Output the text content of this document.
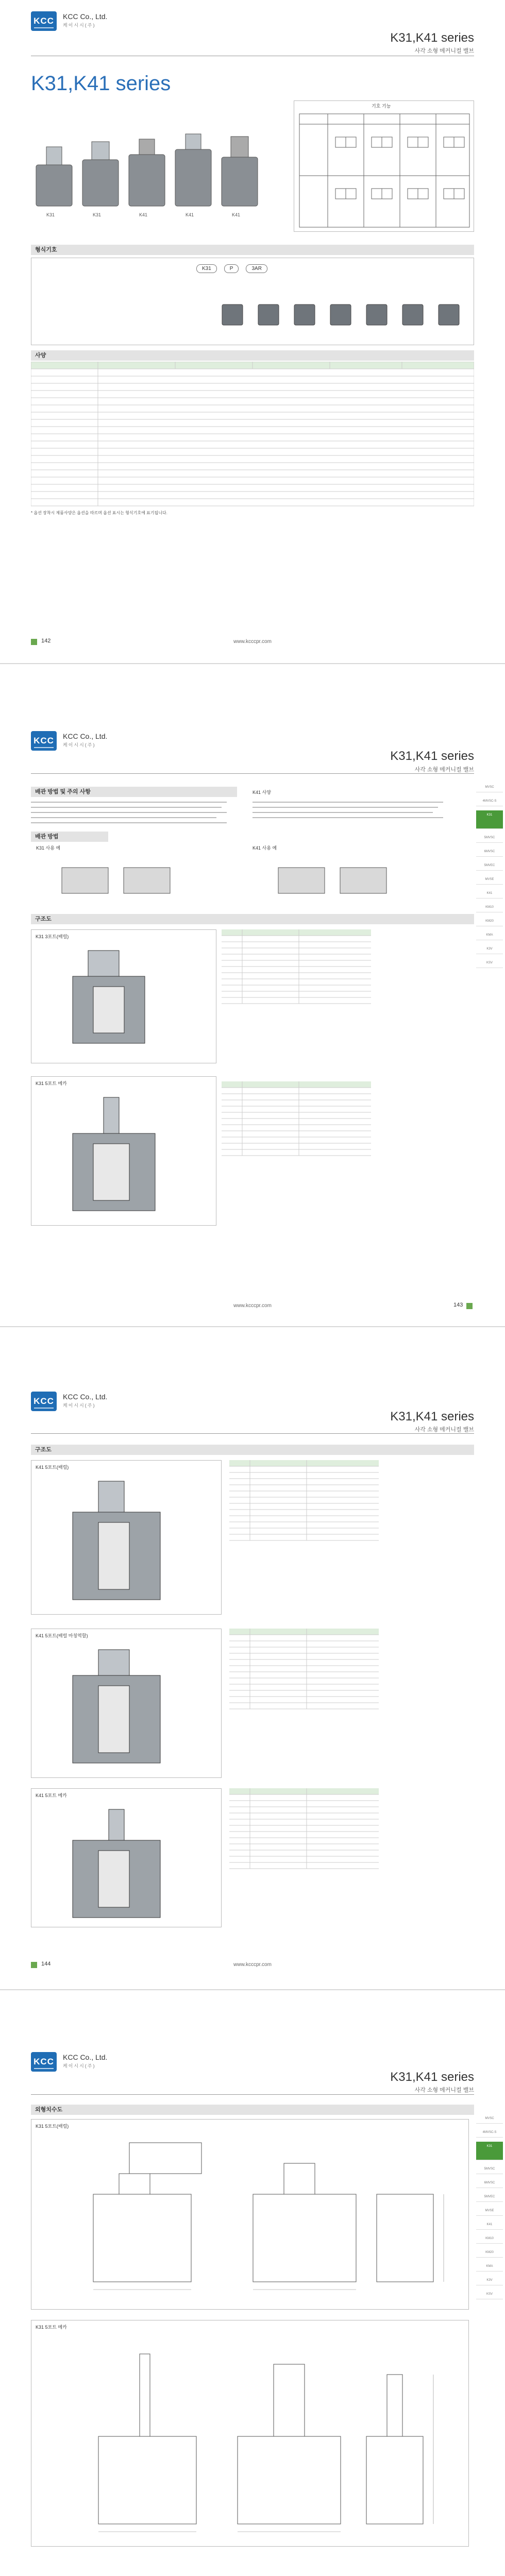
KCC KCC Co., Ltd.
케이시시(주)
K31,K41 series
사각 소형 메커니컬 밸브
K31,K41 series
K31	K31	K41	K41	K41
기호 기능
형식기호
K31	P	3AR
사양
* 옵션 장착시 제품사양은 옵션을 따르며 옵션 표시는 형식기호에 표기됩니다.
142	www.kcccpr.com
KCC KCC Co., Ltd.
케이시시(주)
K31,K41 series
사각 소형 메커니컬 밸브
배관 방법 및 주의 사항	K41 사양
배관 방법
K31 사용 예	K41 사용 예
구조도
K31 3포트(배럴)
K31 5포트 메카
MVSC
4MVSC-S
K31
5MVSC
6MVSC
5MVEC
MVSE
K41
KM10
KM20
KMA
K3V
KSV
www.kcccpr.com	143
KCC KCC Co., Ltd.
케이시시(주)
K31,K41 series
사각 소형 메커니컬 밸브
구조도
K41 5포트(배럴)
K41 5포트(배럴 마칭역할)
K41 5포트 메카
144	www.kcccpr.com
KCC KCC Co., Ltd.
케이시시(주)
K31,K41 series
사각 소형 메커니컬 밸브
외형치수도
K31 5포트(배럴)
K31 5포트 메카
MVSC
4MVSC-S
K31
5MVSC
6MVSC
5MVEC
MVSE
K41
KM10
KM20
KMA
K3V
KSV
